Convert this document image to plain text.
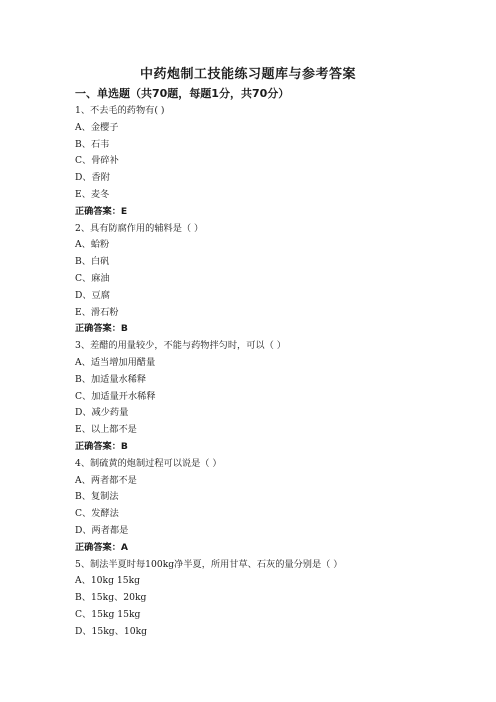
中药炮制工技能练习题库与参考答案
一、单选题（共70题，每题1分，共70分）
1、不去毛的药物有( )
A、金樱子
B、石韦
C、骨碎补
D、香附
E、麦冬
正确答案：E
2、具有防腐作用的辅料是（ ）
A、蛤粉
B、白矾
C、麻油
D、豆腐
E、滑石粉
正确答案：B
3、差醋的用量较少，不能与药物拌匀时，可以（ ）
A、适当增加用醋量
B、加适量水稀释
C、加适量开水稀释
D、减少药量
E、以上都不是
正确答案：B
4、制硫黄的炮制过程可以说是（ ）
A、两者都不是
B、复制法
C、发酵法
D、两者都是
正确答案：A
5、制法半夏时每100kg净半夏，所用甘草、石灰的量分别是（ ）
A、10kg 15kg
B、15kg、20kg
C、15kg 15kg
D、15kg、10kg
